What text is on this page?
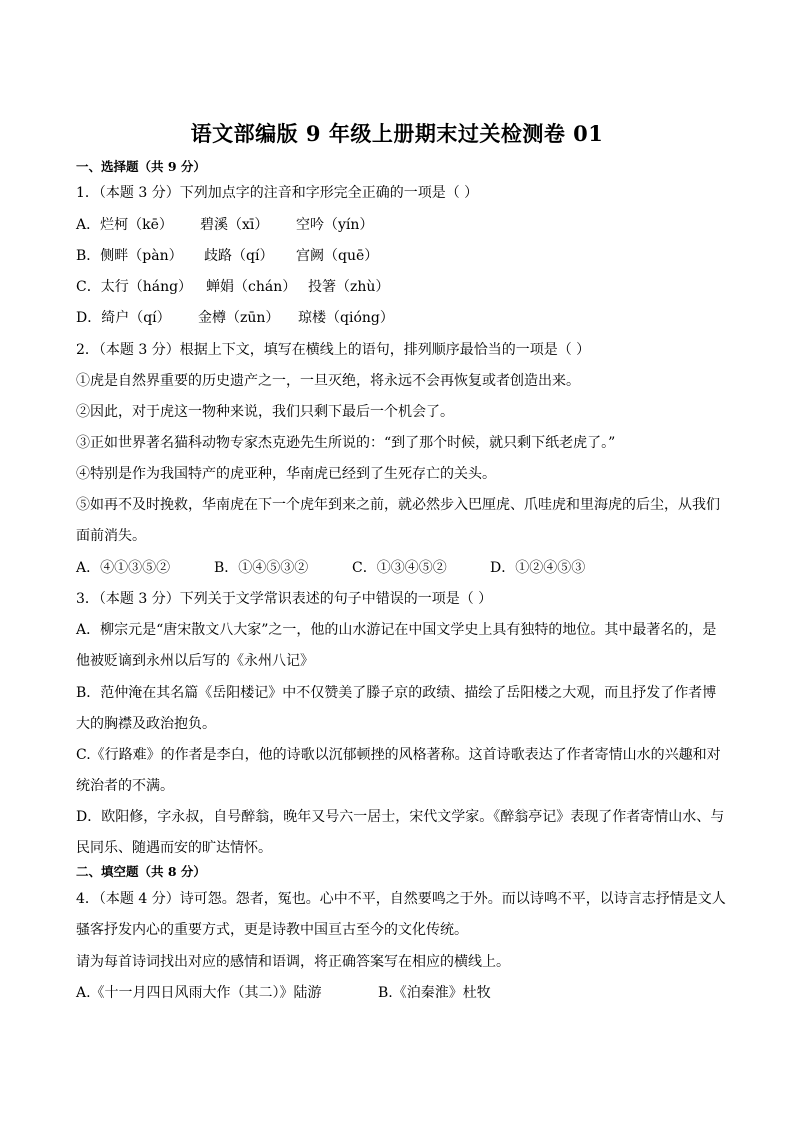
语文部编版 9 年级上册期末过关检测卷 01
一、选择题（共 9 分）
1．（本题 3 分）下列加点字的注音和字形完全正确的一项是（ ）
A．烂柯（kē） 碧溪（xī） 空吟（yín）
B．侧畔（pàn） 歧路（qí） 宫阙（quē）
C．太行（háng） 蝉娟（chán） 投箸（zhù）
D．绮户（qí） 金樽（zūn） 琼楼（qióng）
2．（本题 3 分）根据上下文，填写在横线上的语句，排列顺序最恰当的一项是（ ）
①虎是自然界重要的历史遗产之一，一旦灭绝，将永远不会再恢复或者创造出来。
②因此，对于虎这一物种来说，我们只剩下最后一个机会了。
③正如世界著名猫科动物专家杰克逊先生所说的：“到了那个时候，就只剩下纸老虎了。”
④特别是作为我国特产的虎亚种，华南虎已经到了生死存亡的关头。
⑤如再不及时挽救，华南虎在下一个虎年到来之前，就必然步入巴厘虎、爪哇虎和里海虎的后尘，从我们
面前消失。
A．④①③⑤②	B．①④⑤③②	C．①③④⑤②	D．①②④⑤③
3．（本题 3 分）下列关于文学常识表述的句子中错误的一项是（ ）
A．柳宗元是“唐宋散文八大家”之一，他的山水游记在中国文学史上具有独特的地位。其中最著名的，是
他被贬谪到永州以后写的《永州八记》
B．范仲淹在其名篇《岳阳楼记》中不仅赞美了滕子京的政绩、描绘了岳阳楼之大观，而且抒发了作者博
大的胸襟及政治抱负。
C.《行路难》的作者是李白，他的诗歌以沉郁顿挫的风格著称。这首诗歌表达了作者寄情山水的兴趣和对
统治者的不满。
D．欧阳修，字永叔，自号醉翁，晚年又号六一居士，宋代文学家。《醉翁亭记》表现了作者寄情山水、与
民同乐、随遇而安的旷达情怀。
二、填空题（共 8 分）
4．（本题 4 分）诗可怨。怨者，冤也。心中不平，自然要鸣之于外。而以诗鸣不平，以诗言志抒情是文人
骚客抒发内心的重要方式，更是诗教中国亘古至今的文化传统。
请为每首诗词找出对应的感情和语调，将正确答案写在相应的横线上。
A.《十一月四日风雨大作（其二）》陆游	B.《泊秦淮》杜牧
